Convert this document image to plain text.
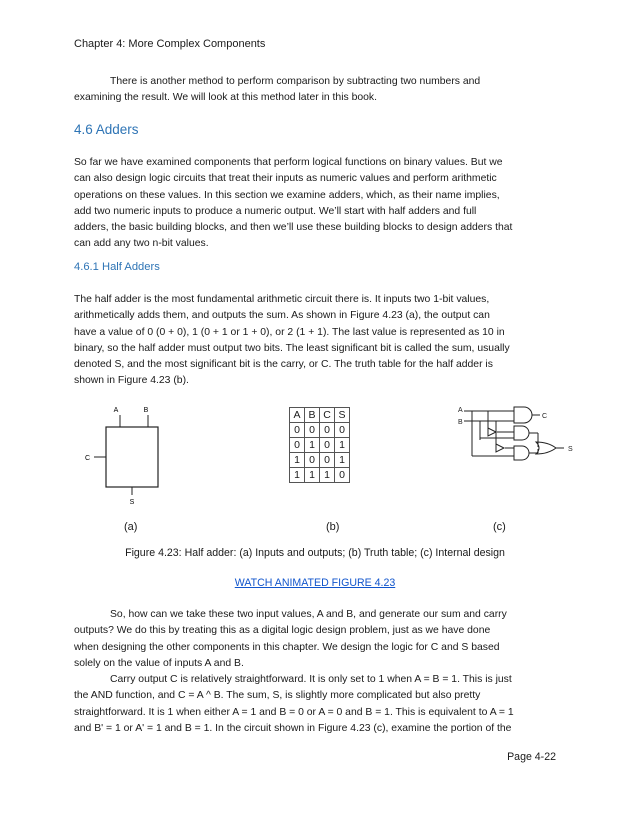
Chapter 4: More Complex Components

There is another method to perform comparison by subtracting two numbers and
examining the result. We will look at this method later in this book.

4.6 Adders

So far we have examined components that perform logical functions on binary values. But we
can also design logic circuits that treat their inputs as numeric values and perform arithmetic
operations on these values. In this section we examine adders, which, as their name implies,
add two numeric inputs to produce a numeric output. We’ll start with half adders and full
adders, the basic building blocks, and then we’ll use these building blocks to design adders that
can add any two n-bit values.

4.6.1 Half Adders

The half adder is the most fundamental arithmetic circuit there is. It inputs two 1-bit values,
arithmetically adds them, and outputs the sum. As shown in Figure 4.23 (a), the output can
have a value of 0 (0 + 0), 1 (0 + 1 or 1 + 0), or 2 (1 + 1). The last value is represented as 10 in
binary, so the half adder must output two bits. The least significant bit is called the sum, usually
denoted S, and the most significant bit is the carry, or C. The truth table for the half adder is
shown in Figure 4.23 (b).

A	B
C
S
A	B	C	S
0	0	0	0
0	1	0	1
1	0	0	1
1	1	1	0
A
B
C
S
(a)	(b)	(c)
Figure 4.23: Half adder: (a) Inputs and outputs; (b) Truth table; (c) Internal design
WATCH ANIMATED FIGURE 4.23

So, how can we take these two input values, A and B, and generate our sum and carry
outputs? We do this by treating this as a digital logic design problem, just as we have done
when designing the other components in this chapter. We design the logic for C and S based
solely on the value of inputs A and B.

Carry output C is relatively straightforward. It is only set to 1 when A = B = 1. This is just
the AND function, and C = A ^ B. The sum, S, is slightly more complicated but also pretty
straightforward. It is 1 when either A = 1 and B = 0 or A = 0 and B = 1. This is equivalent to A = 1
and B' = 1 or A' = 1 and B = 1. In the circuit shown in Figure 4.23 (c), examine the portion of the

Page 4-22
